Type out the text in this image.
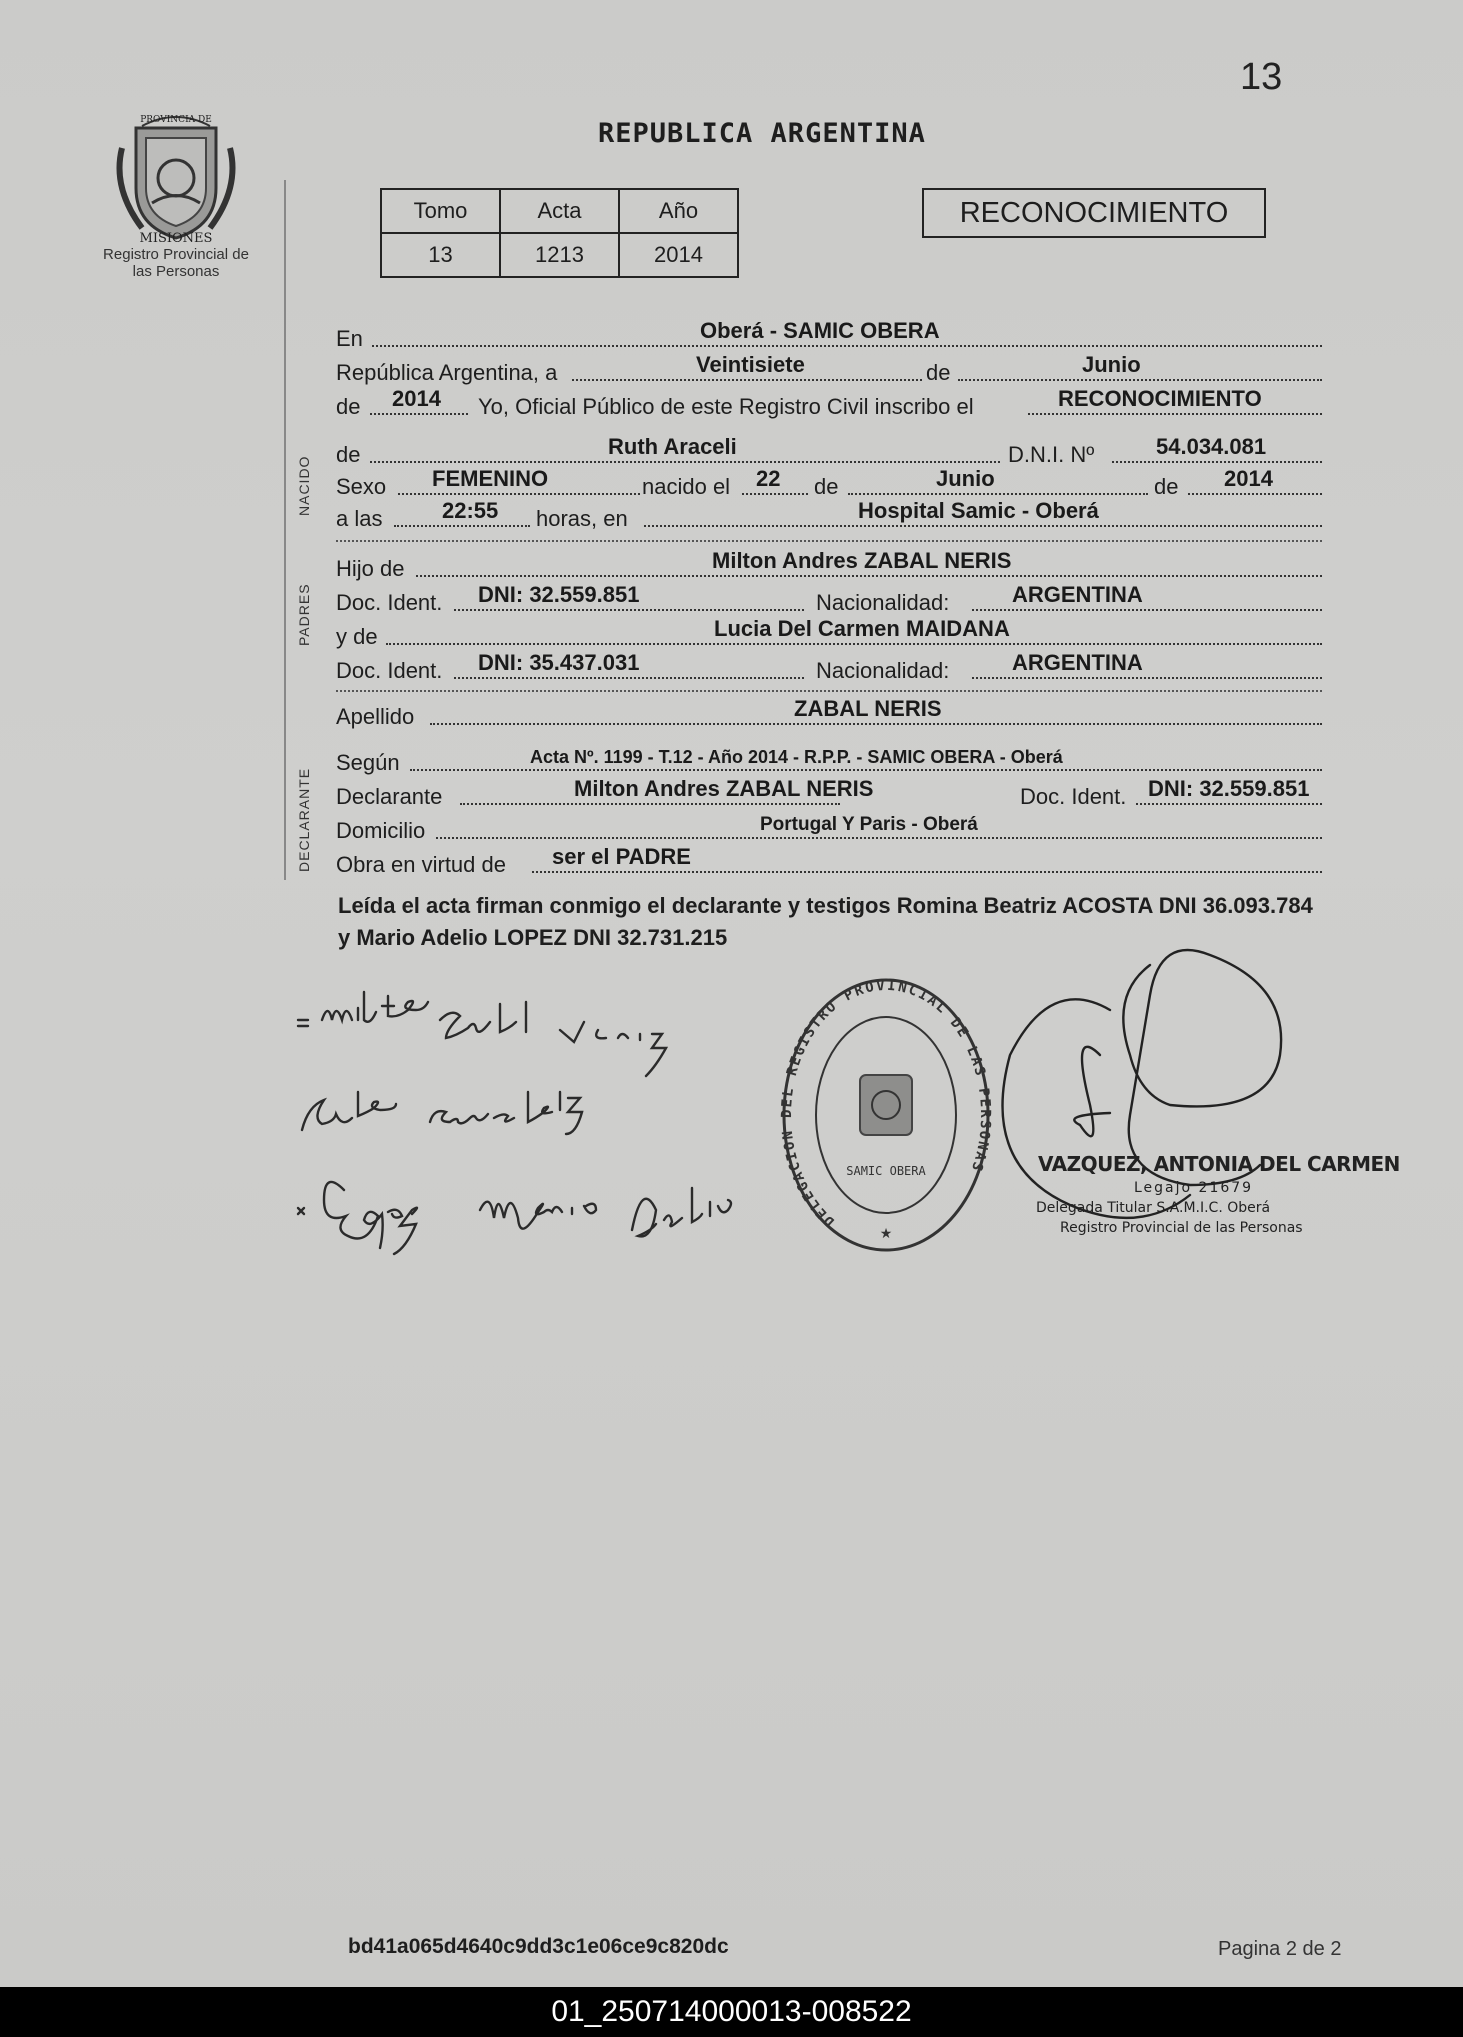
13
PROVINCIA DE
MISIONES
Registro Provincial de las Personas
REPUBLICA ARGENTINA
Tomo	Acta	Año
13	1213	2014
RECONOCIMIENTO
NACIDO
PADRES
DECLARANTE
En	Oberá - SAMIC OBERA
República Argentina, a	Veintisiete	de	Junio
de 2014 Yo, Oficial Público de este Registro Civil inscribo el	RECONOCIMIENTO
de	Ruth Araceli	D.N.I. Nº	54.034.081
Sexo FEMENINO	nacido el 22 de	Junio	de 2014
a las	22:55 horas, en	Hospital Samic - Oberá
Hijo de	Milton Andres ZABAL NERIS
Doc. Ident. DNI: 32.559.851	Nacionalidad:	ARGENTINA
y de	Lucia Del Carmen MAIDANA
Doc. Ident. DNI: 35.437.031	Nacionalidad:	ARGENTINA
Apellido	ZABAL NERIS
Según	Acta Nº. 1199 - T.12 - Año 2014 - R.P.P. - SAMIC OBERA - Oberá
Declarante	Milton Andres ZABAL NERIS	Doc. Ident. DNI: 32.559.851
Domicilio	Portugal Y Paris - Oberá
Obra en virtud de ser el PADRE
Leída el acta firman conmigo el declarante y testigos Romina Beatriz ACOSTA DNI 36.093.784 y Mario Adelio LOPEZ DNI 32.731.215
DELEGACION DEL REGISTRO PROVINCIAL DE LAS PERSONAS
SAMIC OBERA
★
VAZQUEZ, ANTONIA DEL CARMEN
Legajo 21679
Delegada Titular S.A.M.I.C. Oberá
Registro Provincial de las Personas
bd41a065d4640c9dd3c1e06ce9c820dc	Pagina 2 de 2
01_250714000013-008522
